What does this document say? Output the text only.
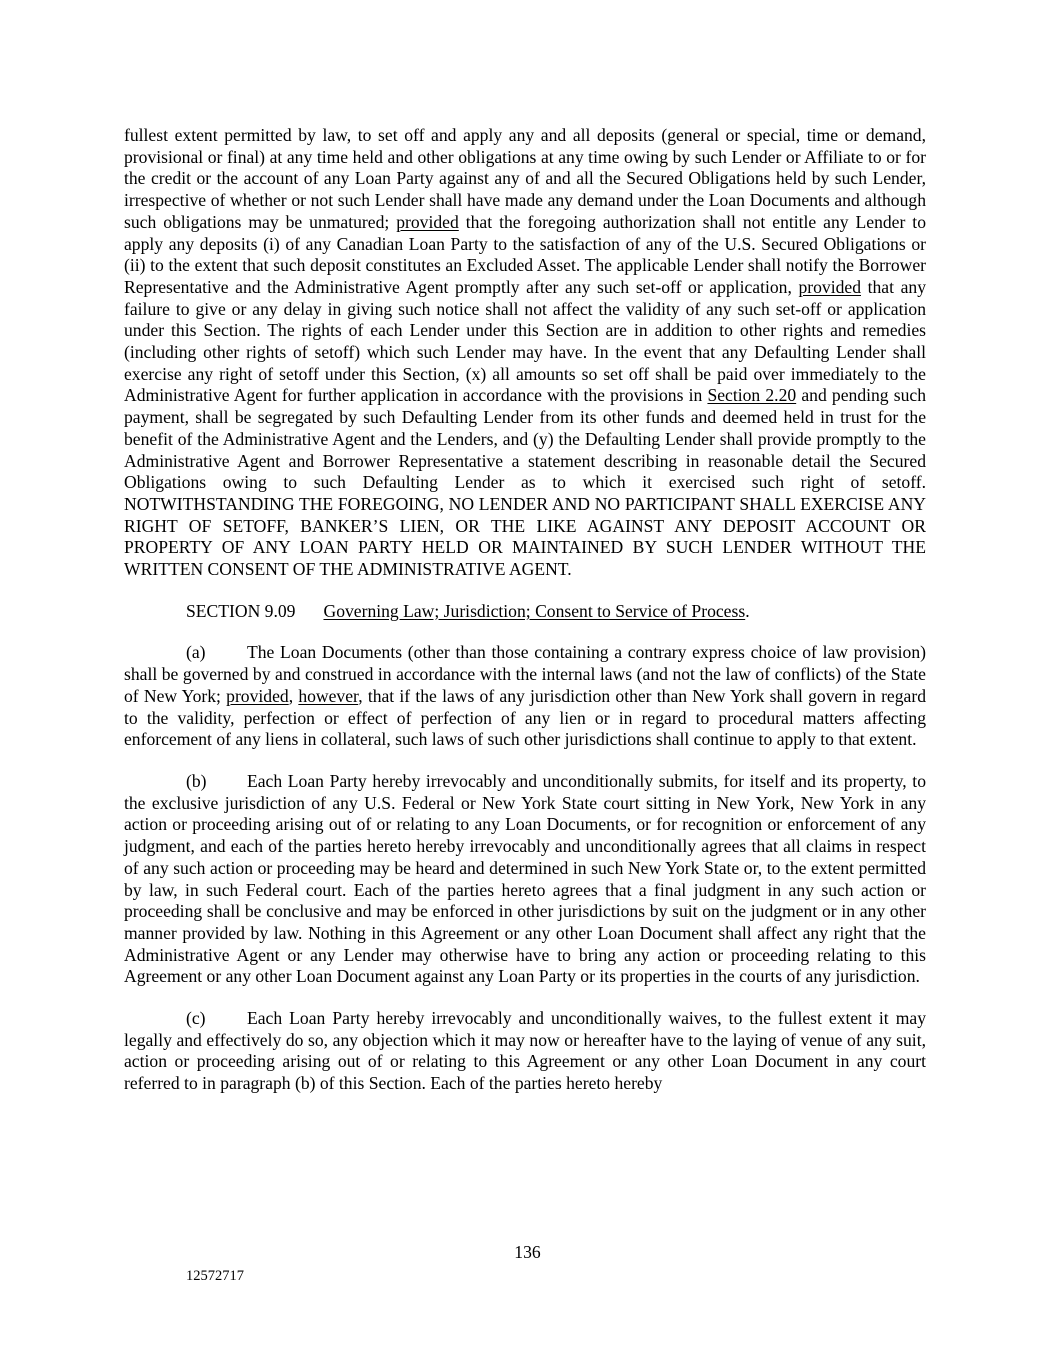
fullest extent permitted by law, to set off and apply any and all deposits (general or special, time or demand, provisional or final) at any time held and other obligations at any time owing by such Lender or Affiliate to or for the credit or the account of any Loan Party against any of and all the Secured Obligations held by such Lender, irrespective of whether or not such Lender shall have made any demand under the Loan Documents and although such obligations may be unmatured; provided that the foregoing authorization shall not entitle any Lender to apply any deposits (i) of any Canadian Loan Party to the satisfaction of any of the U.S. Secured Obligations or (ii) to the extent that such deposit constitutes an Excluded Asset. The applicable Lender shall notify the Borrower Representative and the Administrative Agent promptly after any such set-off or application, provided that any failure to give or any delay in giving such notice shall not affect the validity of any such set-off or application under this Section. The rights of each Lender under this Section are in addition to other rights and remedies (including other rights of setoff) which such Lender may have. In the event that any Defaulting Lender shall exercise any right of setoff under this Section, (x) all amounts so set off shall be paid over immediately to the Administrative Agent for further application in accordance with the provisions in Section 2.20 and pending such payment, shall be segregated by such Defaulting Lender from its other funds and deemed held in trust for the benefit of the Administrative Agent and the Lenders, and (y) the Defaulting Lender shall provide promptly to the Administrative Agent and Borrower Representative a statement describing in reasonable detail the Secured Obligations owing to such Defaulting Lender as to which it exercised such right of setoff. NOTWITHSTANDING THE FOREGOING, NO LENDER AND NO PARTICIPANT SHALL EXERCISE ANY RIGHT OF SETOFF, BANKER’S LIEN, OR THE LIKE AGAINST ANY DEPOSIT ACCOUNT OR PROPERTY OF ANY LOAN PARTY HELD OR MAINTAINED BY SUCH LENDER WITHOUT THE WRITTEN CONSENT OF THE ADMINISTRATIVE AGENT.

SECTION 9.09 Governing Law; Jurisdiction; Consent to Service of Process.

(a) The Loan Documents (other than those containing a contrary express choice of law provision) shall be governed by and construed in accordance with the internal laws (and not the law of conflicts) of the State of New York; provided, however, that if the laws of any jurisdiction other than New York shall govern in regard to the validity, perfection or effect of perfection of any lien or in regard to procedural matters affecting enforcement of any liens in collateral, such laws of such other jurisdictions shall continue to apply to that extent.

(b) Each Loan Party hereby irrevocably and unconditionally submits, for itself and its property, to the exclusive jurisdiction of any U.S. Federal or New York State court sitting in New York, New York in any action or proceeding arising out of or relating to any Loan Documents, or for recognition or enforcement of any judgment, and each of the parties hereto hereby irrevocably and unconditionally agrees that all claims in respect of any such action or proceeding may be heard and determined in such New York State or, to the extent permitted by law, in such Federal court. Each of the parties hereto agrees that a final judgment in any such action or proceeding shall be conclusive and may be enforced in other jurisdictions by suit on the judgment or in any other manner provided by law. Nothing in this Agreement or any other Loan Document shall affect any right that the Administrative Agent or any Lender may otherwise have to bring any action or proceeding relating to this Agreement or any other Loan Document against any Loan Party or its properties in the courts of any jurisdiction.

(c) Each Loan Party hereby irrevocably and unconditionally waives, to the fullest extent it may legally and effectively do so, any objection which it may now or hereafter have to the laying of venue of any suit, action or proceeding arising out of or relating to this Agreement or any other Loan Document in any court referred to in paragraph (b) of this Section. Each of the parties hereto hereby

136
12572717
